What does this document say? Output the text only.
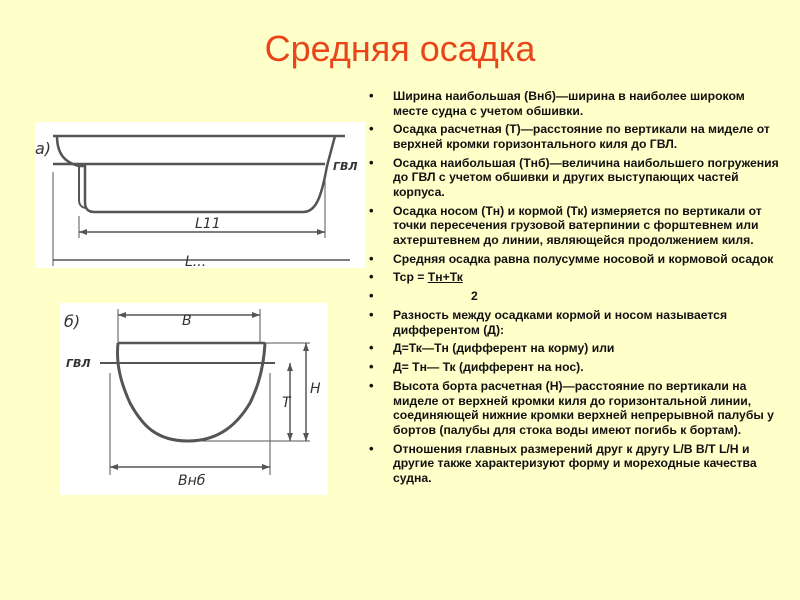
Средняя осадка
а)
ГВЛ
L11
L...
б)	B
ГВЛ
Bнб
T
H
• Ширина наибольшая (Внб)—ширина в наиболее широком месте судна с учетом обшивки.
• Осадка расчетная (Т)—расстояние по вертикали на миделе от верхней кромки горизонтального киля до ГВЛ.
• Осадка наибольшая (Тнб)—величина наибольшего погружения до ГВЛ с учетом обшивки и других выступающих частей корпуса.
• Осадка носом (Тн) и кормой (Тк) измеряется по вертикали от точки пересечения грузовой ватерпинии с форштевнем или ахтерштевнем до линии, являющейся продолжением киля.
• Средняя осадка равна полусумме носовой и кормовой осадок
• Тср = Тн+Тк
• 2
• Разность между осадками кормой и носом называется дифферентом (Д):
• Д=Тк—Тн (дифферент на корму) или
• Д= Тн— Тк (дифферент на нос).
• Высота борта расчетная (Н)—расстояние по вертикали на миделе от верхней кромки киля до горизонтальной линии, соединяющей нижние кромки верхней непрерывной палубы у бортов (палубы для стока воды имеют погибь к бортам).
• Отношения главных размерений друг к другу L/B В/Т L/H и другие также характеризуют форму и мореходные качества судна.
